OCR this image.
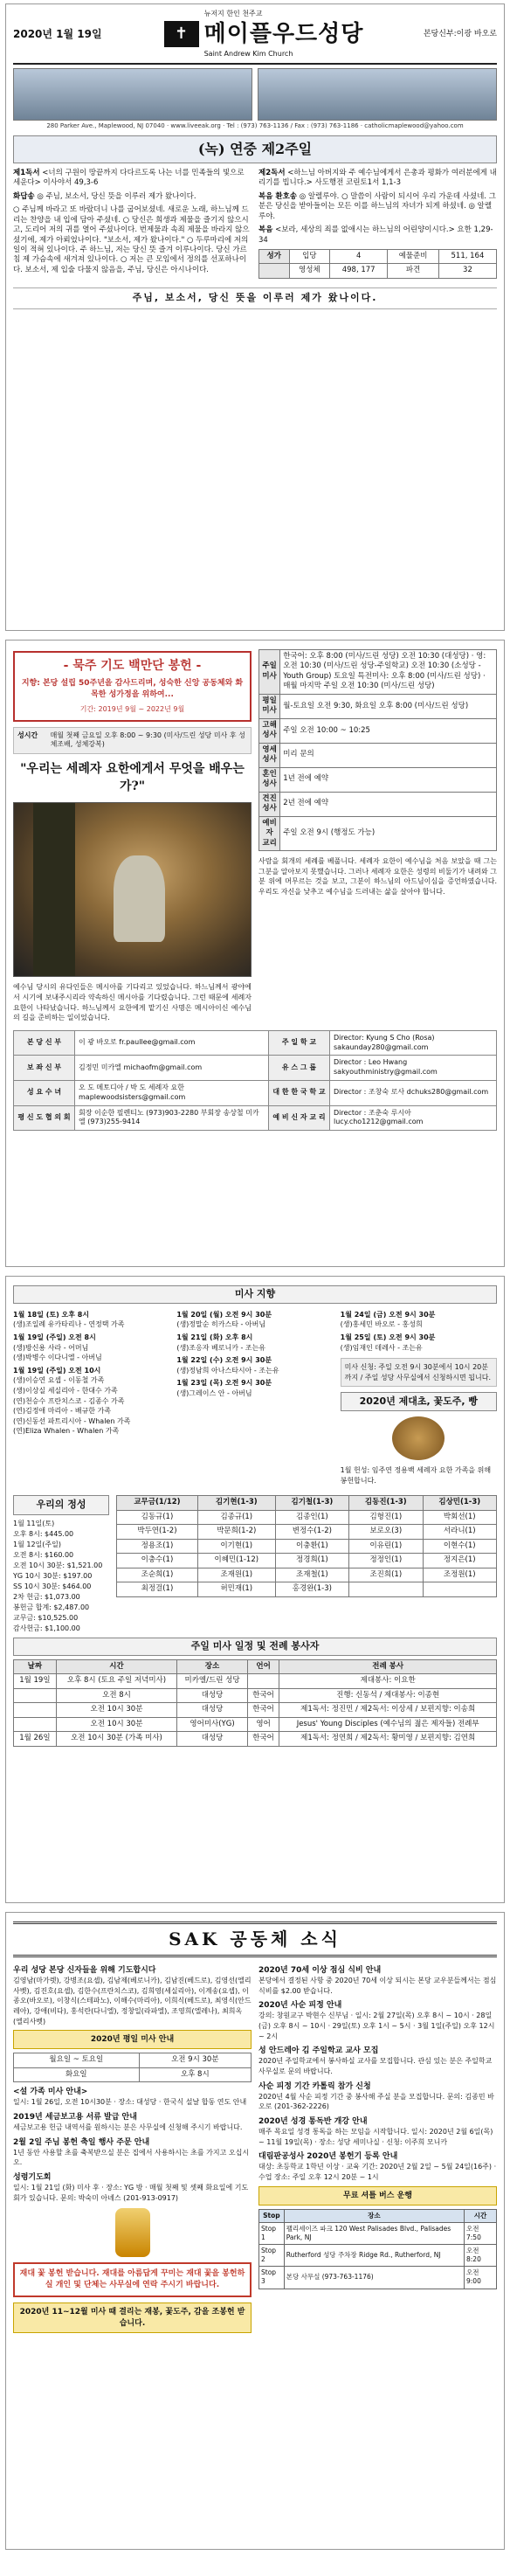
2020년 1월 19일	✝
뉴저지 한인 천주교
메이플우드성당
Saint Andrew Kim Church
본당신부:이광 바오로
280 Parker Ave., Maplewood, NJ 07040 · www.liveeak.org · Tel : (973) 763-1136 / Fax : (973) 763-1186 · catholicmaplewood@yahoo.com
(녹) 연중 제2주일
제1독서 <너의 구원이 땅끝까지 다다르도록 나는 너를 민족들의 빛으로 세운다> 이사야서 49,3-6
화답송 ◎ 주님, 보소서, 당신 뜻을 이루러 제가 왔나이다.
○ 주님께 바라고 또 바랐더니 나를 굽어보셨네. 새로운 노래, 하느님께 드리는 찬양을 내 입에 담아 주셨네. ○ 당신은 희생과 제물을 즐기지 않으시고, 도리어 저의 귀를 열어 주셨나이다. 번제물과 속죄 제물을 바라지 않으셨기에, 제가 아뢰었나이다. "보소서, 제가 왔나이다." ○ 두루마리에 저의 일이 적혀 있나이다. 주 하느님, 저는 당신 뜻 즐겨 이루나이다. 당신 가르침 제 가슴속에 새겨져 있나이다. ○ 저는 큰 모임에서 정의를 선포하나이다. 보소서, 제 입술 다물지 않음을, 주님, 당신은 아시나이다.
제2독서 <하느님 아버지와 주 예수님에게서 은총과 평화가 여러분에게 내리기를 빕니다.> 사도행전 코린토1서 1,1-3
복음 환호송 ◎ 알렐루야. ○ 말씀이 사람이 되시어 우리 가운데 사셨네. 그분은 당신을 받아들이는 모든 이를 하느님의 자녀가 되게 하셨네. ◎ 알렐루야.
복음 <보라, 세상의 죄를 없애시는 하느님의 어린양이시다.> 요한 1,29-34
성가	입당	4	예물준비	511, 164
	영성체	498, 177	파견	32
주님, 보소서, 당신 뜻을 이루러 제가 왔나이다.
- 묵주 기도 백만단 봉헌 -
지향: 본당 설립 50주년을 감사드리며, 성숙한 신앙 공동체와 화목한 성가정을 위하여...
기간: 2019년 9월 ~ 2022년 9월
성시간	매월 첫째 금요일 오후 8:00 ~ 9:30 (미사/드린 성당 미사 후 성체조배, 성체강복)
"우리는 세례자 요한에게서 무엇을 배우는가?"
예수님 당시의 유다인들은 메시아를 기다리고 있었습니다. 하느님께서 광야에서 시기에 보내주시리라 약속하신 메시아를 기다렸습니다. 그런 때문에 세례자 요한이 나타났습니다. 하느님께서 요한에게 맡기신 사명은 메시아이신 예수님의 길을 준비하는 일이었습니다.
주일미사	한국어: 오후 8:00 (미사/드린 성당) 오전 10:30 (대성당) · 영: 오전 10:30 (미사/드린 성당-주일학교) 오전 10:30 (소성당 - Youth Group) 토요일 특전미사: 오후 8:00 (미사/드린 성당) · 매월 마지막 주일 오전 10:30 (미사/드린 성당)
평일미사	월-토요일 오전 9:30, 화요일 오후 8:00 (미사/드린 성당)
고해성사	주일 오전 10:00 ~ 10:25
영세성사	미리 문의
혼인성사	1년 전에 예약
견진성사	2년 전에 예약
예비자 교리	주일 오전 9시 (행정도 가능)
사람을 회개의 세례를 베풉니다. 세례자 요한이 예수님을 처음 보았을 때 그는 그분을 알아보지 못했습니다. 그러나 세례자 요한은 성령의 비둘기가 내려와 그분 위에 머무르는 것을 보고, 그분이 하느님의 아드님이심을 증언하였습니다. 우리도 자신을 낮추고 예수님을 드러내는 삶을 살아야 합니다.
본 당 신 부	이 광 바오로 fr.paullee@gmail.com	주 일 학 교	Director: Kyung S Cho (Rosa) sakaunday280@gmail.com
보 좌 신 부	김정민 미카엘 michaofm@gmail.com	유 스 그 룹	Director : Leo Hwang sakyouthministry@gmail.com
성 요 수 녀	오 도 메토디아 / 박 도 세례자 요한 maplewoodsisters@gmail.com	대 한 한 국 학 교	Director : 조창숙 로사 dchuks280@gmail.com
평 신 도 협 의 회	회장 이순한 필렌티노 (973)903-2280 부회장 송상철 미카엘 (973)255-9414	예 비 신 자 교 리	Director : 조춘숙 루시아 lucy.cho1212@gmail.com
미사 지향
1월 18일 (토) 오후 8시
(생)조일례 유카타리나 - 연정택 가족
1월 19일 (주일) 오전 8시
(생)방신용 사라 - 어머님
(생)박병수 이다니엘 - 아버님
1월 19일 (주일) 오전 10시
(생)이승연 요셉 - 이동철 가족
(생)이상실 세실리아 - 한대수 가족
(연)천승수 프란치스코 - 김종수 가족
(연)김정애 마리아 - 배규한 가족
(연)신동선 파트리시아 - Whalen 가족
(연)Eliza Whalen - Whalen 가족
1월 20일 (월) 오전 9시 30분
(생)정말순 히카스타 - 아버님
1월 21일 (화) 오후 8시
(생)조응자 베로니카 - 조는유
1월 22일 (수) 오전 9시 30분
(생)정남희 아나스타시아 - 조는유
1월 23일 (목) 오전 9시 30분
(생)그레이스 안 - 아버님
1월 24일 (금) 오전 9시 30분
(생)홍세민 바오로 - 홍성희
1월 25일 (토) 오전 9시 30분
(생)임재인 데레사 - 조는유
미사 신청: 주일 오전 9시 30분에서 10시 20분까지 / 주일 성당 사무실에서 신청하시면 됩니다.
2020년 제대초, 꽃도주, 빵
1월 헌성: 임주연 정용백 세례자 요한 가족을 위해 봉헌합니다.
우리의 정성
1월 11일(토)
오후 8시: $445.00
1월 12일(주일)
오전 8시: $160.00
오전 10시 30분: $1,521.00
YG 10시 30분: $197.00
SS 10시 30분: $464.00
2차 헌금: $1,073.00
봉헌금 합계: $2,487.00
교무금: $10,525.00
감사헌금: $1,100.00
교무금(1/12)	김기현(1-3)	김기철(1-3)	김동진(1-3)	김상민(1-3)
김동규(1)	김종규(1)	김종인(1)	김형진(1)	박회선(1)
박두연(1-2)	박문희(1-2)	변정수(1-2)	보로오(3)	서라니(1)
정용조(1)	이기현(1)	이충환(1)	이유린(1)	이현수(1)
이충수(1)	이혜민(1-12)	정경희(1)	정정인(1)	정지은(1)
조순희(1)	조재원(1)	조재철(1)	조진희(1)	조정원(1)
최정걸(1)	허민재(1)	홍경완(1-3)		
주일 미사 일정 및 전례 봉사자
날짜	시간	장소	언어	전례 봉사
1월 19일	오후 8시 (토요 주일 저녁미사)	미카엘/드린 성당		제대봉사: 이요한
	오전 8시	대성당	한국어	진행: 신동석 / 제대봉사: 이종현
	오전 10시 30분	대성당	한국어	제1독서: 정진민 / 제2독서: 이상세 / 보편지향: 이송희
	오전 10시 30분	영어미사(YG)	영어	Jesus' Young Disciples (예수님의 젊은 제자들) 전례부
1월 26일	오전 10시 30분 (가족 미사)	대성당	한국어	제1독서: 정연희 / 제2독서: 황미영 / 보편지향: 김연희
SAK 공동체 소식
우리 성당 본당 신자들을 위해 기도합시다
김영남(마가렛), 강병조(요셉), 김남제(베로니카), 김남진(베드로), 김영선(엘리사벳), 김진호(요셉), 김한수(프란치스코), 김희영(세실리아), 이계송(요셉), 이종오(바오로), 이창식(스테파노), 이해수(마리아), 이희식(베드로), 최영식(안드레아), 강애(비다), 홍석란(다니엘), 정창일(라파엘), 조영희(엘레나), 최희옥(엘리사벳)
2020년 평일 미사 안내
월요일 ~ 토요일	오전 9시 30분
화요일	오후 8시
<설 가족 미사 안내>
일시: 1월 26일, 오전 10시30분 · 장소: 대성당 · 한국식 설날 합동 연도 안내
2019년 세금보고용 서류 발급 안내
세금보고용 헌금 내역서를 원하시는 분은 사무실에 신청해 주시기 바랍니다.
2월 2일 주님 봉헌 축일 행사 주문 안내
1년 동안 사용할 초를 축복받으실 분은 집에서 사용하시는 초를 가지고 오십시오.
성령기도회
일시: 1월 21일 (화) 미사 후 · 장소: YG 방 · 매월 첫째 및 셋째 화요일에 기도회가 있습니다. 문의: 박숙미 아녜스 (201-913-0917)
재대 꽃 봉헌 받습니다. 재대를 아름답게 꾸미는 재대 꽃을 봉헌하실 개인 및 단체는 사무실에 연락 주시기 바랍니다.
2020년 11~12월 미사 때 결리는 재봉, 꽃도주, 감을 조봉헌 받습니다.
2020년 70세 이상 점심 식비 안내
본당에서 결정된 사항 중 2020년 70세 이상 되시는 본당 교우분들께서는 점심 식비를 $2.00 받습니다.
2020년 사순 피정 안내
강의: 창원교구 박현수 신부님 · 일시: 2월 27일(목) 오후 8시 ~ 10시 · 28일(금) 오후 8시 ~ 10시 · 29일(토) 오후 1시 ~ 5시 · 3월 1일(주일) 오후 12시 ~ 2시
성 안드레아 김 주일학교 교사 모집
2020년 주일학교에서 봉사하실 교사를 모집합니다. 관심 있는 분은 주일학교 사무실로 문의 바랍니다.
사순 피정 기간 카톨릭 참가 신청
2020년 4월 사순 피정 기간 중 봉사해 주실 분을 모집합니다. 문의: 김종민 바오로 (201-362-2226)
2020년 성경 통독반 개강 안내
매주 목요일 성경 통독을 하는 모임을 시작합니다. 일시: 2020년 2월 6일(목) ~ 11월 19일(목) · 장소: 성당 세미나실 · 신청: 이주희 모니카
대림판공성사 2020년 봉헌기 등록 안내
대상: 초등학교 1학년 이상 · 교육 기간: 2020년 2월 2일 ~ 5월 24일(16주) · 수업 장소: 주일 오후 12시 20분 ~ 1시
무료 셔틀 버스 운행
Stop	장소	시간
Stop 1	팰리세이즈 파크 120 West Palisades Blvd., Palisades Park, NJ	오전 7:50
Stop 2	Rutherford 성당 주차장 Ridge Rd., Rutherford, NJ	오전 8:20
Stop 3	본당 사무실 (973-763-1176)	오전 9:00
